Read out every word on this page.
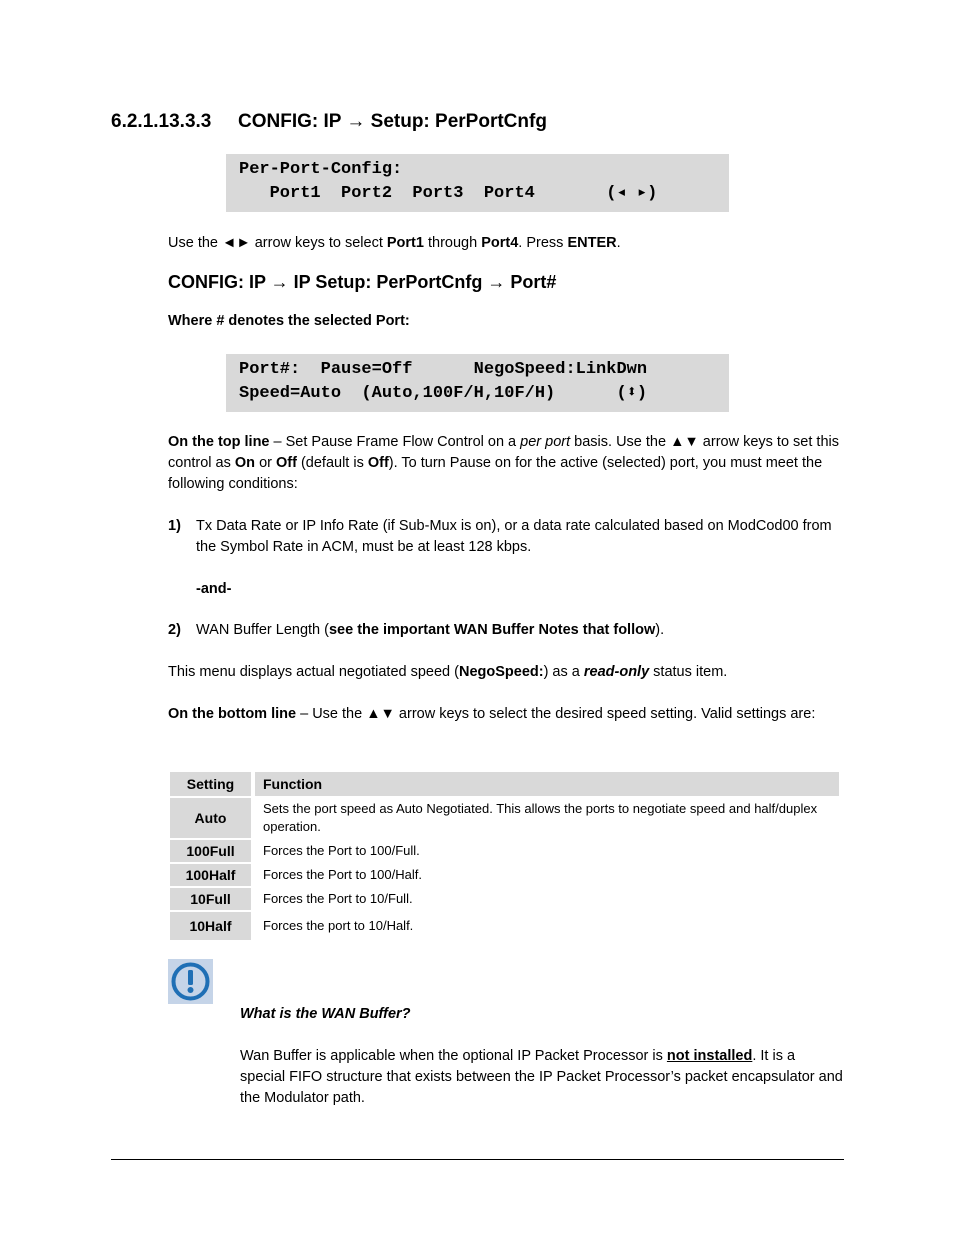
6.2.1.13.3.3 CONFIG: IP → Setup: PerPortCnfg
Per-Port-Config:
Port1  Port2  Port3  Port4       (◂ ▸)
Use the ◄► arrow keys to select Port1 through Port4. Press ENTER.
CONFIG: IP → IP Setup: PerPortCnfg → Port#
Where # denotes the selected Port:
Port#:  Pause=Off      NegoSpeed:LinkDwn
Speed=Auto  (Auto,100F/H,10F/H)      (⬍)
On the top line – Set Pause Frame Flow Control on a per port basis. Use the ▲▼ arrow keys to set this control as On or Off (default is Off). To turn Pause on for the active (selected) port, you must meet the following conditions:
1) Tx Data Rate or IP Info Rate (if Sub-Mux is on), or a data rate calculated based on ModCod00 from the Symbol Rate in ACM, must be at least 128 kbps.
-and-
2) WAN Buffer Length (see the important WAN Buffer Notes that follow).
This menu displays actual negotiated speed (NegoSpeed:) as a read-only status item.
On the bottom line – Use the ▲▼ arrow keys to select the desired speed setting. Valid settings are:
Setting	Function
Auto	Sets the port speed as Auto Negotiated. This allows the ports to negotiate speed and half/duplex operation.
100Full	Forces the Port to 100/Full.
100Half	Forces the Port to 100/Half.
10Full	Forces the Port to 10/Full.
10Half	Forces the port to 10/Half.
What is the WAN Buffer?
Wan Buffer is applicable when the optional IP Packet Processor is not installed. It is a special FIFO structure that exists between the IP Packet Processor’s packet encapsulator and the Modulator path.
